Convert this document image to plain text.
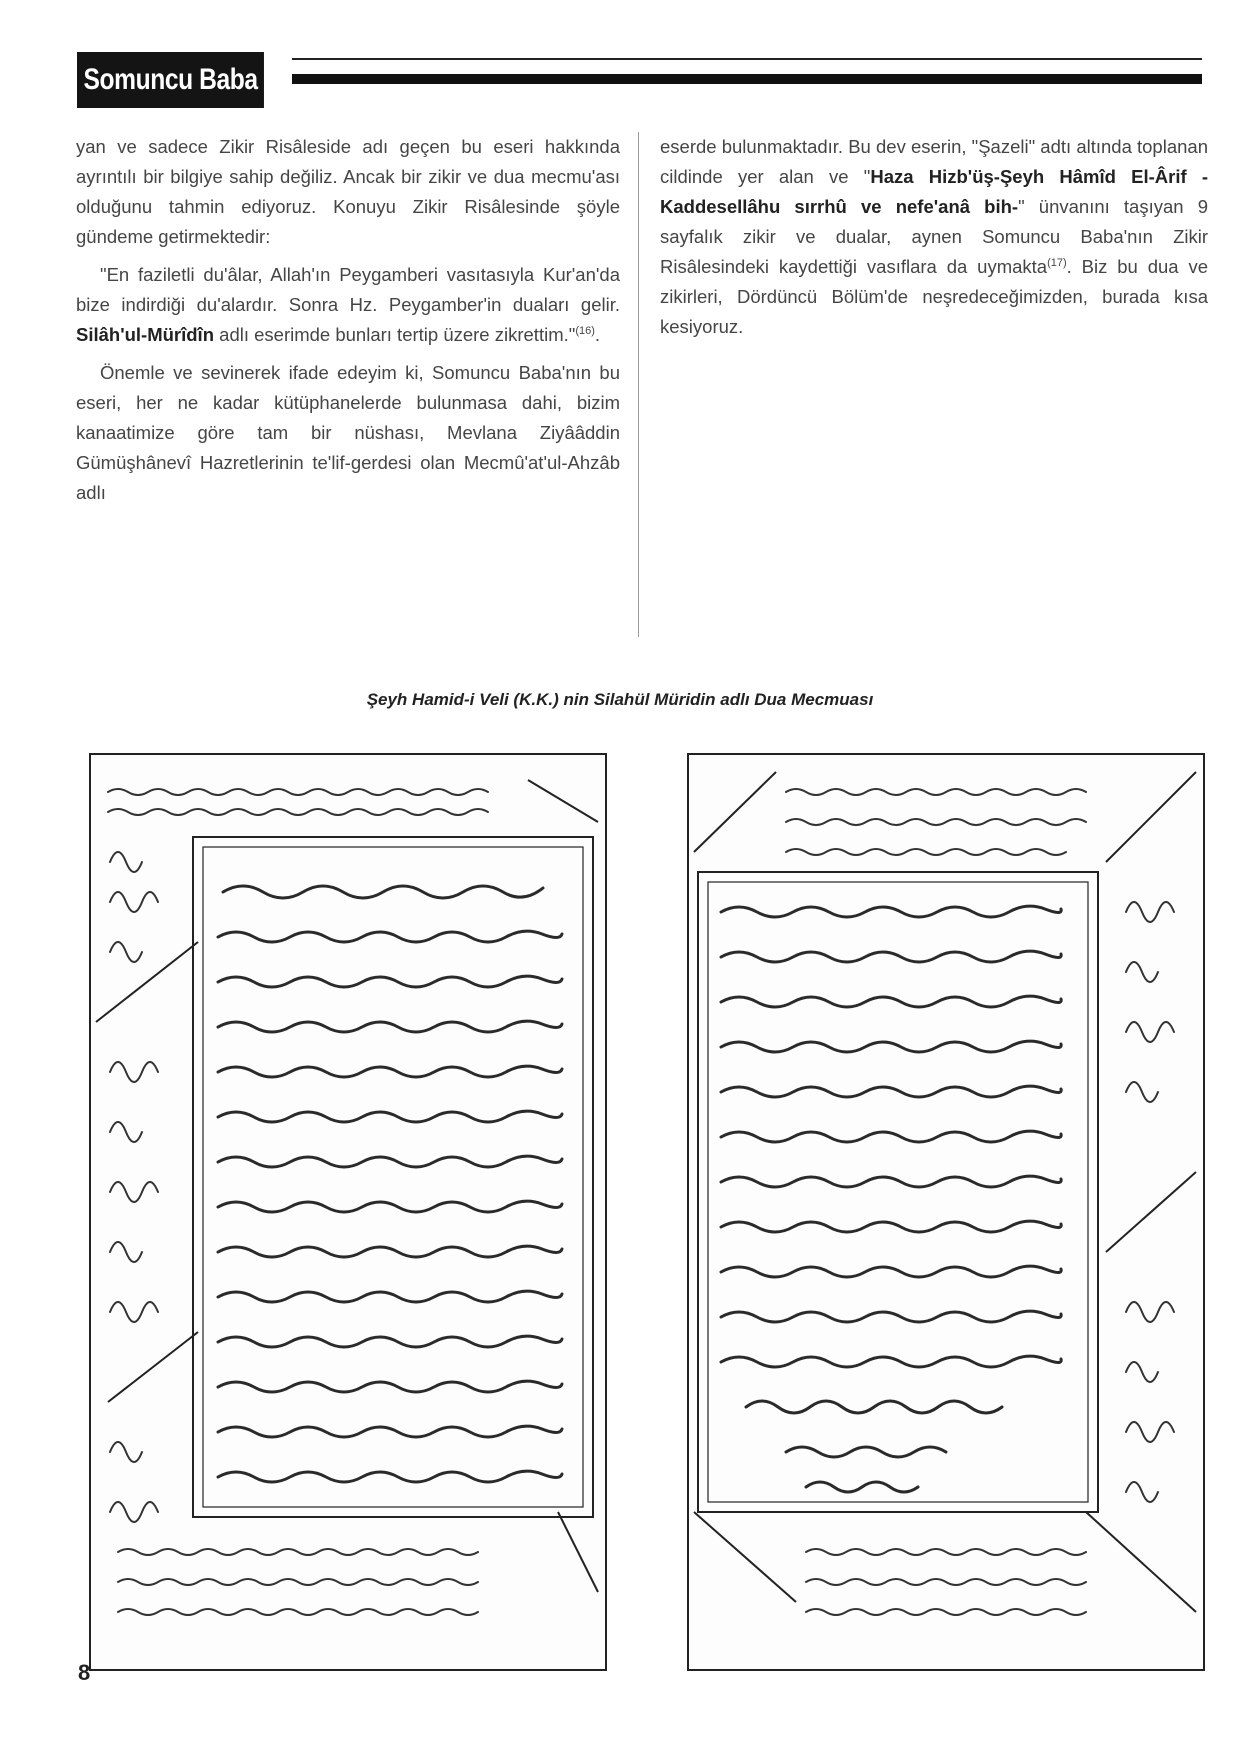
Somuncu Baba

yan ve sadece Zikir Risâleside adı geçen bu eseri hakkında ayrıntılı bir bilgiye sahip değiliz. Ancak bir zikir ve dua mecmu'ası olduğunu tahmin ediyoruz. Konuyu Zikir Risâlesinde şöyle gündeme getirmektedir:

"En faziletli du'âlar, Allah'ın Peygamberi vasıtasıyla Kur'an'da bize indirdiği du'alardır. Sonra Hz. Peygamber'in duaları gelir. Silâh'ul-Mürîdîn adlı eserimde bunları tertip üzere zikrettim."$^{(16)}$.

Önemle ve sevinerek ifade edeyim ki, Somuncu Baba'nın bu eseri, her ne kadar kütüphanelerde bulunmasa dahi, bizim kanaatimize göre tam bir nüshası, Mevlana Ziyââddin Gümüşhânevî Hazretlerinin te'lif-gerdesi olan Mecmû'at'ul-Ahzâb adlı

eserde bulunmaktadır. Bu dev eserin, "Şazeli" adtı altında toplanan cildinde yer alan ve "Haza Hizb'üş-Şeyh Hâmîd El-Ârif - Kaddesellâhu sırrhû ve nefe'anâ bih-" ünvanını taşıyan 9 sayfalık zikir ve dualar, aynen Somuncu Baba'nın Zikir Risâlesindeki kaydettiği vasıflara da uymakta$^{(17)}$. Biz bu dua ve zikirleri, Dördüncü Bölüm'de neşredeceğimizden, burada kısa kesiyoruz.

Şeyh Hamid-i Veli (K.K.) nin Silahül Müridin adlı Dua Mecmuası
8
